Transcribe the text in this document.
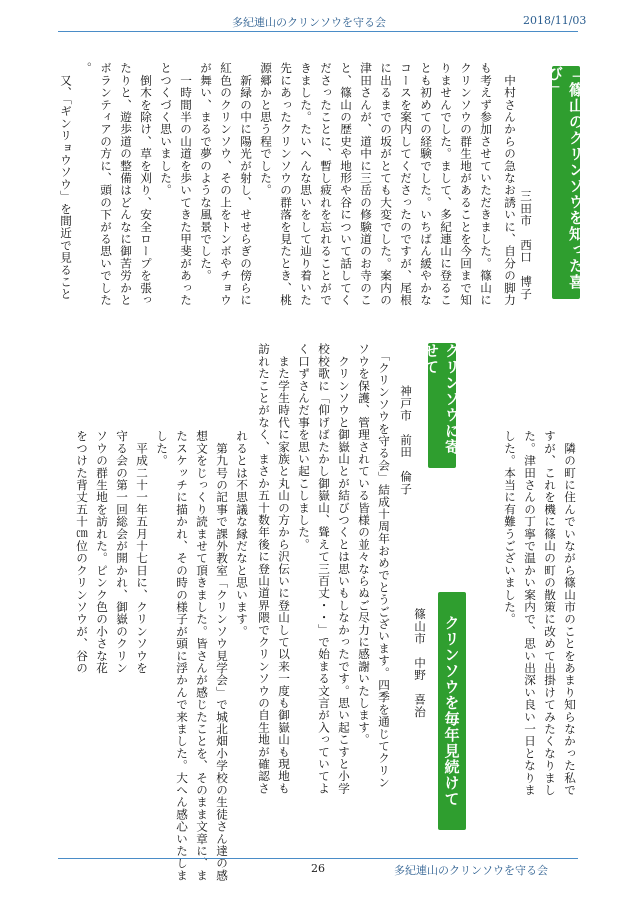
多紀連山のクリンソウを守る会	2018/11/03
「篠山のクリンソウを知った喜び」
三田市　西口　博子
　中村さんからの急なお誘いに、自分の脚力
も考えず参加させていただきました。篠山に
クリンソウの群生地があることを今回まで知
りませんでした。まして、多紀連山に登るこ
とも初めての経験でした。いちばん緩やかな
コースを案内してくださったのですが、尾根
に出るまでの坂がとても大変でした。案内の
津田さんが、道中に三岳の修験道のお寺のこ
と、篠山の歴史や地形や谷について話してく
ださったことに、暫し疲れを忘れることがで
きました。たいへんな思いをして辿り着いた
先にあったクリンソウの群落を見たとき、桃
源郷かと思う程でした。
　新緑の中に陽光が射し、せせらぎの傍らに
紅色のクリンソウ、その上をトンボやチョウ
が舞い、まるで夢のような風景でした。
　一時間半の山道を歩いてきた甲斐があった
とつくづく思いました。
　倒木を除け、草を刈り、安全ロープを張っ
たりと、遊歩道の整備はどんなに御苦労かと
ボランティアの方に、頭の下がる思いでした
。
　又、「ギンリョウソウ」を間近で見ること
　隣の町に住んでいながら篠山市のことをあまり知らなかった私で
すが、これを機に篠山の町の散策に改めて出掛けてみたくなりまし
た。津田さんの丁寧で温かい案内で、思い出深い良い一日となりま
した。本当に有難うございました。
クリンソウに寄せて
神戸市　前田　倫子
　「クリンソウを守る会」結成十周年おめでとうございます。四季を通じてクリン
ソウを保護、管理されている皆様の並々ならぬご尽力に感謝いたします。
　クリンソウと御嶽山とが結びつくとは思いもしなかったです。思い起こすと小学
校校歌に「仰げばたかし御嶽山、聳えて三百丈・・」で始まる文言が入っていてよ
く口ずさんだ事を思い起こしました。
　また学生時代に家族と丸山の方から沢伝いに登山して以来一度も御嶽山も現地も
訪れたことがなく、まさか五十数年後に登山道界隈でクリンソウの自生地が確認さ	クリンソウを毎年見続けて
篠山市　中野　喜治
れるとは不思議な縁だなと思います。
　第九号の記事で課外教室「クリンソウ見学会」で城北畑小学校の生徒さん達の感
想文をじっくり読ませて頂きました。皆さんが感じたことを、そのまま文章に、ま
たスケッチに描かれ、その時の様子が頭に浮かんで来ました。大へん感心いたしま
した。
　平成二十一年五月十七日に、クリンソウを
守る会の第一回総会が開かれ、御嶽のクリン
ソウの群生地を訪れた。ピンク色の小さな花
をつけた背丈五十㎝位のクリンソウが、谷の
26	多紀連山のクリンソウを守る会
